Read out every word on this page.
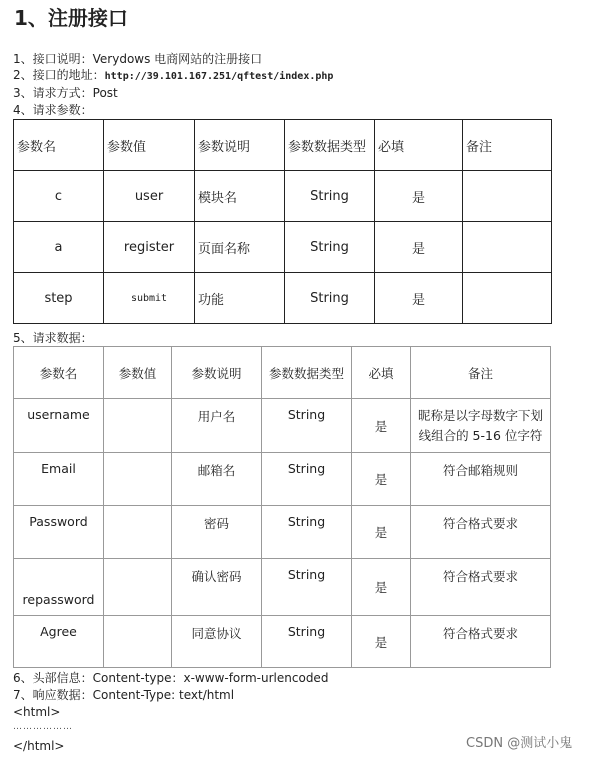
1、注册接口
1、接口说明：Verydows 电商网站的注册接口
2、接口的地址：http://39.101.167.251/qftest/index.php
3、请求方式：Post
4、请求参数：
参数名	参数值	参数说明	参数数据类型	必填	备注
c	user	模块名	String	是	
a	register	页面名称	String	是	
step	submit	功能	String	是	
5、请求数据：
参数名	参数值	参数说明	参数数据类型	必填	备注
username		用户名	String	是	昵称是以字母数字下划线组合的 5-16 位字符
Email		邮箱名	String	是	符合邮箱规则
Password		密码	String	是	符合格式要求
repassword		确认密码	String	是	符合格式要求
Agree		同意协议	String	是	符合格式要求
6、头部信息：Content-type：x-www-form-urlencoded
7、响应数据：Content-Type: text/html
<html>
………………
</html>	CSDN @测试小鬼
